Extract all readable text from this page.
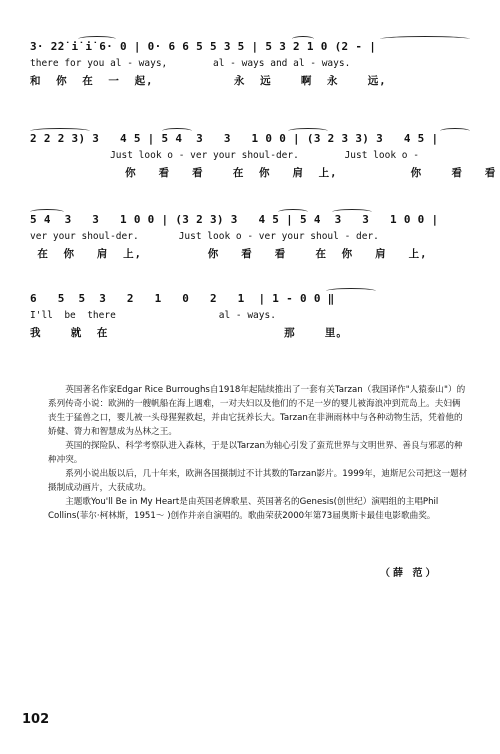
3· 2̇2̇ i̇ i̇ 6· 0 | 0· 6 6 5 5 3 5 | 5 3 2 1 0 (2 - |
there for you al - ways,        al - ways and al - ways.
和  你  在  一  起,           永  远    啊  永    远,
2 2 2 3) 3   4 5 | 5 4  3   3   1 0 0 | (3 2 3 3) 3   4 5 |
Just look o - ver your shoul-der.        Just look o -
你   看   看    在  你   肩  上,          你    看   看
5 4  3   3   1 0 0 | (3 2 3) 3   4 5 | 5 4  3   3   1 0 0 |
ver your shoul-der.       Just look o - ver your shoul - der.
在  你   肩  上,         你   看   看    在  你   肩   上,
6   5  5  3   2   1   0   2   1  | 1 - 0 0 ‖
I'll  be  there                  al - ways.
我    就  在                        那    里。

英国著名作家Edgar Rice Burroughs自1918年起陆续推出了一套有关Tarzan（我国译作"人猿泰山"）的系列传奇小说：欧洲的一艘帆船在海上遇难，一对夫妇以及他们的不足一岁的婴儿被海浪冲到荒岛上。夫妇俩丧生于猛兽之口，婴儿被一头母猩猩救起，并由它抚养长大。Tarzan在非洲雨林中与各种动物生活，凭着他的娇健、膂力和智慧成为丛林之王。

英国的探险队、科学考察队进入森林，于是以Tarzan为轴心引发了蛮荒世界与文明世界、善良与邪恶的种种冲突。

系列小说出版以后，几十年来，欧洲各国摄制过不计其数的Tarzan影片。1999年，迪斯尼公司把这一题材摄制成动画片，大获成功。

主题歌You'll Be in My Heart是由英国老牌歌星、英国著名的Genesis(创世纪）演唱组的主唱Phil Collins(菲尔·柯林斯，1951～ )创作并亲自演唱的。歌曲荣获2000年第73届奥斯卡最佳电影歌曲奖。

（薛 范）
102
